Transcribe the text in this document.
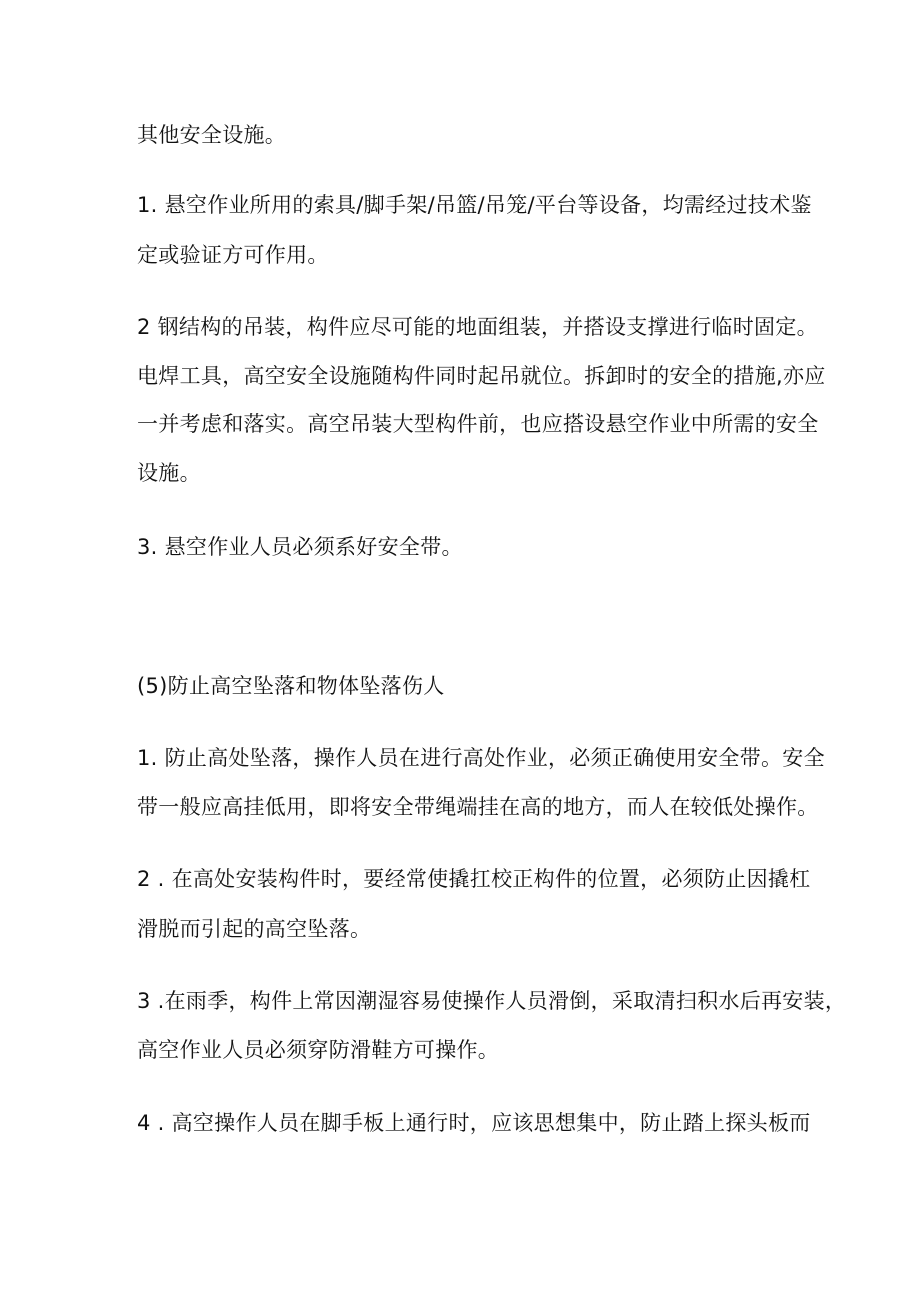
其他安全设施。
1. 悬空作业所用的索具/脚手架/吊篮/吊笼/平台等设备，均需经过技术鉴
定或验证方可作用。
2 钢结构的吊装，构件应尽可能的地面组装，并搭设支撑进行临时固定。
电焊工具，高空安全设施随构件同时起吊就位。拆卸时的安全的措施,亦应
一并考虑和落实。高空吊装大型构件前，也应搭设悬空作业中所需的安全
设施。
3. 悬空作业人员必须系好安全带。
(5)防止高空坠落和物体坠落伤人
1. 防止高处坠落，操作人员在进行高处作业，必须正确使用安全带。安全
带一般应高挂低用，即将安全带绳端挂在高的地方，而人在较低处操作。
2 . 在高处安装构件时，要经常使撬扛校正构件的位置，必须防止因撬杠
滑脱而引起的高空坠落。
3 .在雨季，构件上常因潮湿容易使操作人员滑倒，采取清扫积水后再安装，
高空作业人员必须穿防滑鞋方可操作。
4 . 高空操作人员在脚手板上通行时，应该思想集中，防止踏上探头板而
